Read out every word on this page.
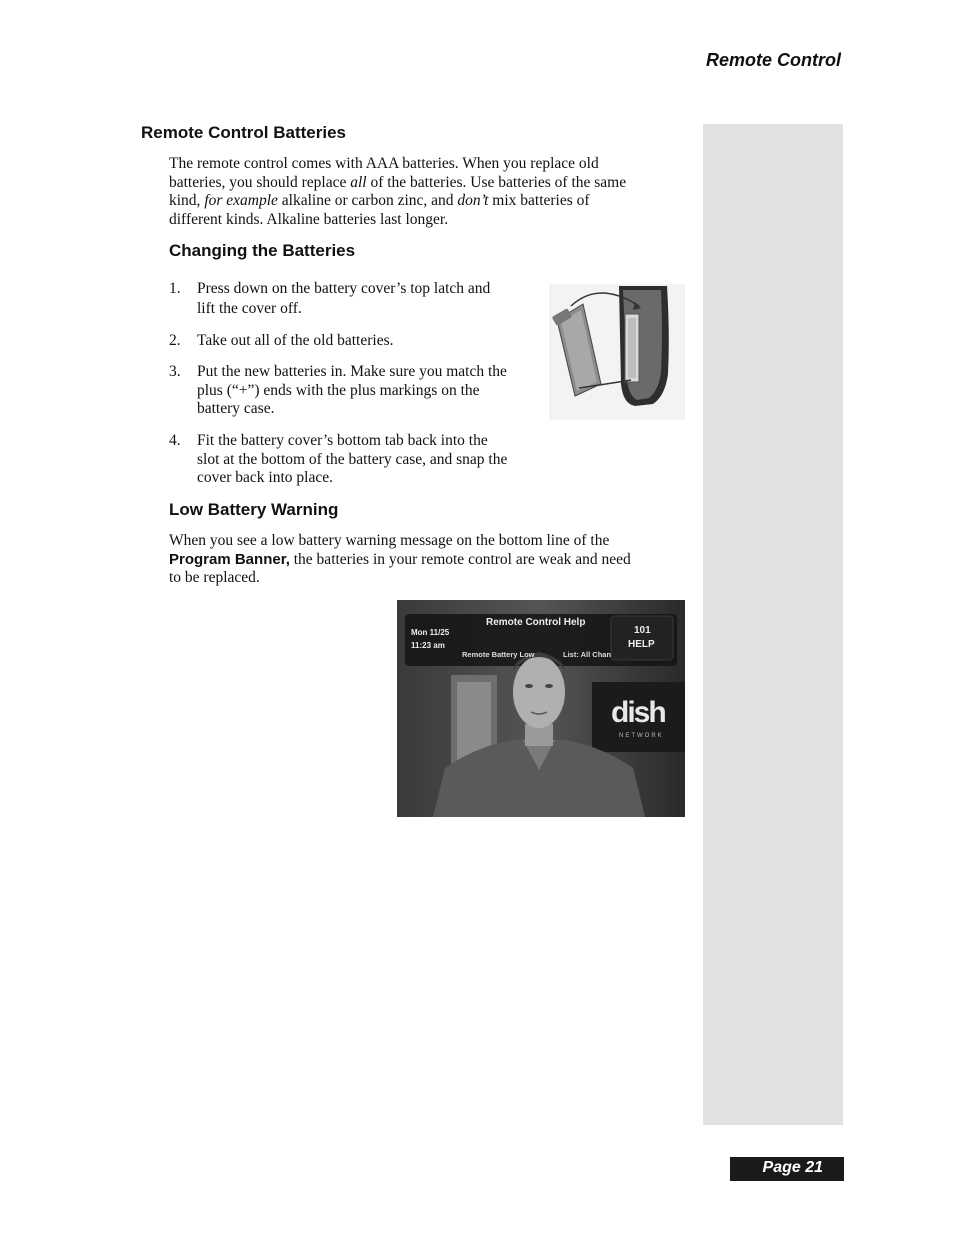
Remote Control
Remote Control Batteries
The remote control comes with AAA batteries. When you replace old
batteries, you should replace all of the batteries. Use batteries of the same
kind, for example alkaline or carbon zinc, and don’t mix batteries of
different kinds. Alkaline batteries last longer.
Changing the Batteries
1. Press down on the battery cover’s top latch and
lift the cover off.
2. Take out all of the old batteries.
3. Put the new batteries in. Make sure you match the
plus (“+”) ends with the plus markings on the
battery case.
4. Fit the battery cover’s bottom tab back into the
slot at the bottom of the battery case, and snap the
cover back into place.
Low Battery Warning
When you see a low battery warning message on the bottom line of the
Program Banner, the batteries in your remote control are weak and need
to be replaced.
Remote Control Help
Mon 11/25
11:23 am
101
HELP
Remote Battery Low	List: All Chan
dish
NETWORK
Page 21
